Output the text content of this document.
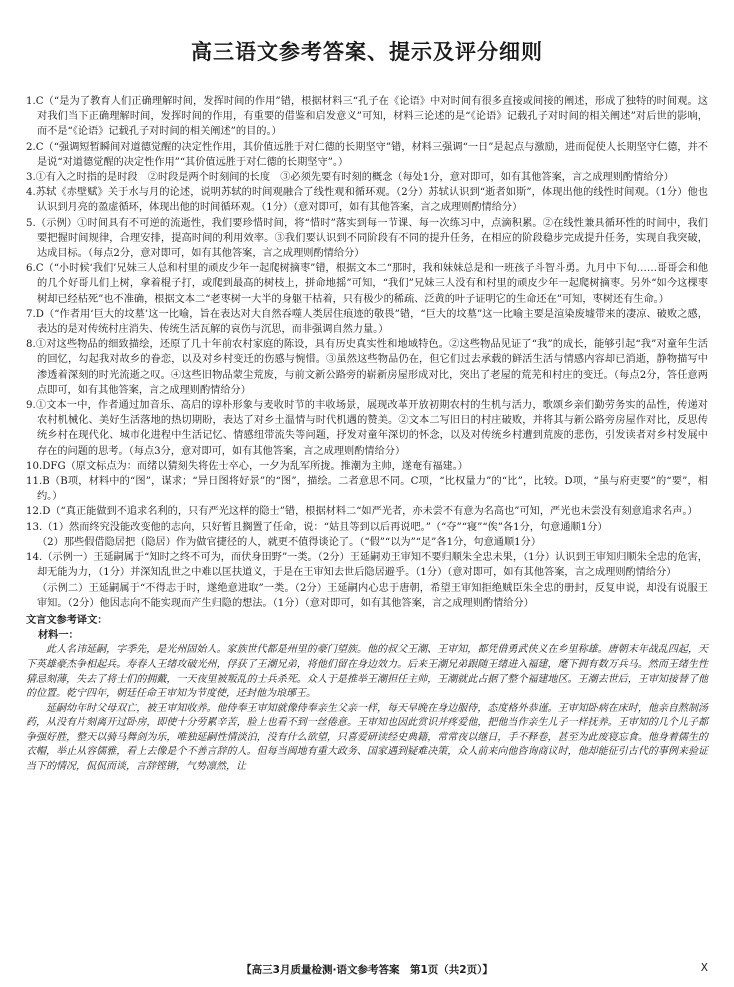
高三语文参考答案、提示及评分细则

1.C（“是为了教育人们正确理解时间，发挥时间的作用”错，根据材料三“孔子在《论语》中对时间有很多直接或间接的阐述，形成了独特的时间观。这对我们当下正确理解时间，发挥时间的作用，有重要的借鉴和启发意义”可知，材料三论述的是“《论语》记载孔子对时间的相关阐述”对后世的影响，而不是“《论语》记载孔子对时间的相关阐述”的目的。）

2.C（“强调短暂瞬间对道德觉醒的决定性作用，其价值远胜于对仁德的长期坚守”错，材料三强调“一日”是起点与激励，进而促使人长期坚守仁德，并不是说“对道德觉醒的决定性作用”“其价值远胜于对仁德的长期坚守”。）

3.①有入之时指的是时段　②时段是两个时刻间的长度　③必须先要有时刻的概念（每处1分，意对即可，如有其他答案，言之成理则酌情给分）

4.苏轼《赤壁赋》关于水与月的论述，说明苏轼的时间观融合了线性观和循环观。（2分）苏轼认识到“逝者如斯”，体现出他的线性时间观。（1分）他也认识到月亮的盈虚循环，体现出他的时间循环观。（1分）（意对即可，如有其他答案，言之成理则酌情给分）

5.（示例）①时间具有不可逆的流逝性，我们要珍惜时间，将“惜时”落实到每一节课、每一次练习中，点滴积累。②在线性兼具循环性的时间中，我们要把握时间规律，合理安排，提高时间的利用效率。③我们要认识到不同阶段有不同的提升任务，在相应的阶段稳步完成提升任务，实现自我突破，达成目标。（每点2分，意对即可，如有其他答案，言之成理则酌情给分）

6.C（“小时候‘我们’兄妹三人总和村里的顽皮少年一起爬树摘枣”错，根据文本二“那时，我和妹妹总是和一班孩子斗智斗勇。九月中下旬……哥哥会和他的几个好哥儿们上树，拿着棍子打，或爬到最高的树枝上，拼命地摇”可知，“我们”兄妹三人没有和村里的顽皮少年一起爬树摘枣。另外“如今这棵枣树却已经枯死”也不准确，根据文本二“老枣树一大半的身躯干枯着，只有极少的稀疏、泛黄的叶子证明它的生命还在”可知，枣树还有生命。）

7.D（“作者用‘巨大的坟墓’这一比喻，旨在表达对大自然吞噬人类居住痕迹的敬畏”错，“巨大的坟墓”这一比喻主要是渲染废墟带来的凄凉、破败之感，表达的是对传统村庄消失、传统生活瓦解的哀伤与沉思，而非强调自然力量。）

8.①对这些物品的细致描绘，还原了几十年前农村家庭的陈设，具有历史真实性和地域特色。②这些物品见证了“我”的成长，能够引起“我”对童年生活的回忆，勾起我对故乡的眷恋，以及对乡村变迁的伤感与惋惜。③虽然这些物品仍在，但它们过去承载的鲜活生活与情感内容却已消逝，静物描写中渗透着深刻的时光流逝之叹。④这些旧物品蒙尘荒废，与前文新公路旁的崭新房屋形成对比，突出了老屋的荒芜和村庄的变迁。（每点2分，答任意两点即可，如有其他答案，言之成理则酌情给分）

9.①文本一中，作者通过加音乐、高启的谆朴形象与麦收时节的丰收场景，展现改革开放初期农村的生机与活力，歌颂乡亲们勤劳务实的品性，传递对农村机械化、美好生活落地的热切期盼，表达了对乡土温情与时代机遇的赞美。②文本二写旧日的村庄破败，并将其与新公路旁房屋作对比，反思传统乡村在现代化、城市化进程中生活记忆、情感纽带流失等问题，抒发对童年深切的怀念，以及对传统乡村遭到荒废的悲伤，引发读者对乡村发展中存在的问题的思考。（每点3分，意对即可，如有其他答案，言之成理则酌情给分）

10.DFG（原文标点为：而绪以猜刻失将佐士卒心，一夕为乱军所拢。推潮为主帅，遂奄有福建。）

11.B（B项，材料中的“图”，谋求；“异日图将好景”的“图”，描绘。二者意思不同。C项，“比权量力”的“比”，比较。D项，“虽与府吏要”的“要”，相约。）

12.D（“真正能做到不追求名利的，只有严光这样的隐士”错，根据材料二“如严光者，亦未尝不有意为名高也”可知，严光也未尝没有刻意追求名声。）

13.（1）然而终究没能改变他的志向，只好暂且搁置了任命，说：“姑且等到以后再说吧。”（“夺”“寝”“俟”各1分，句意通顺1分）

（2）那些假借隐居把（隐居）作为做官捷径的人，就更不值得谈论了。（“假”“以为”“足”各1分，句意通顺1分）

14.（示例一）王延嗣属于“知时之终不可为，而伏身田野”一类。（2分）王延嗣劝王审知不要归顺朱全忠未果，（1分）认识到王审知归顺朱全忠的危害，却无能为力，（1分）并深知乱世之中难以匡扶道义，于是在王审知去世后隐居避乎。（1分）（意对即可，如有其他答案，言之成理则酌情给分）

（示例二）王延嗣属于“不得志于时，遂绝意进取”一类。（2分）王延嗣内心忠于唐朝，希望王审知拒绝贼臣朱全忠的册封，反复申说，却没有说服王审知。（2分）他因志向不能实现而产生归隐的想法。（1分）（意对即可，如有其他答案，言之成理则酌情给分）

文言文参考译文：

材料一：

此人名讳延嗣，字季先，是光州固始人。家族世代都是州里的豪门望族。他的叔父王潮、王审知，都凭借勇武侠义在乡里称雄。唐朝末年战乱四起，天下英雄豪杰争相起兵。寿春人王绪攻破光州，俘获了王潮兄弟，将他们留在身边效力。后来王潮兄弟跟随王绪进入福建，麾下拥有数万兵马。然而王绪生性猜忌刻薄，失去了将士们的拥戴，一天夜里被叛乱的士兵杀死。众人于是推举王潮担任主帅，王潮就此占据了整个福建地区。王潮去世后，王审知接替了他的位置。乾宁四年，朝廷任命王审知为节度使，还封他为琅琊王。

延嗣幼年时父母双亡，被王审知收养。他侍奉王审知就像侍奉亲生父亲一样，每天早晚在身边服侍，态度格外恭谨。王审知卧病在床时，他亲自熬制汤药，从没有片刻离开过卧房，即使十分劳累辛苦，脸上也看不到一丝倦意。王审知也因此赏识并疼爱他，把他当作亲生儿子一样抚养。王审知的几个儿子都争强好胜，整天以骑马舞剑为乐，唯独延嗣性情淡泊，没有什么欲望，只喜爱研读经史典籍，常常夜以继日，手不释卷，甚至为此废寝忘食。他身着儒生的衣帽，举止从容儒雅，看上去像是个不善言辞的人。但每当闽地有重大政务、国家遇到疑难决策，众人前来向他咨询商议时，他却能征引古代的事例来验证当下的情况，侃侃而谈，言辞铿锵，气势凛然，让

【高三3月质量检测·语文参考答案　第1页（共2页）】	X
